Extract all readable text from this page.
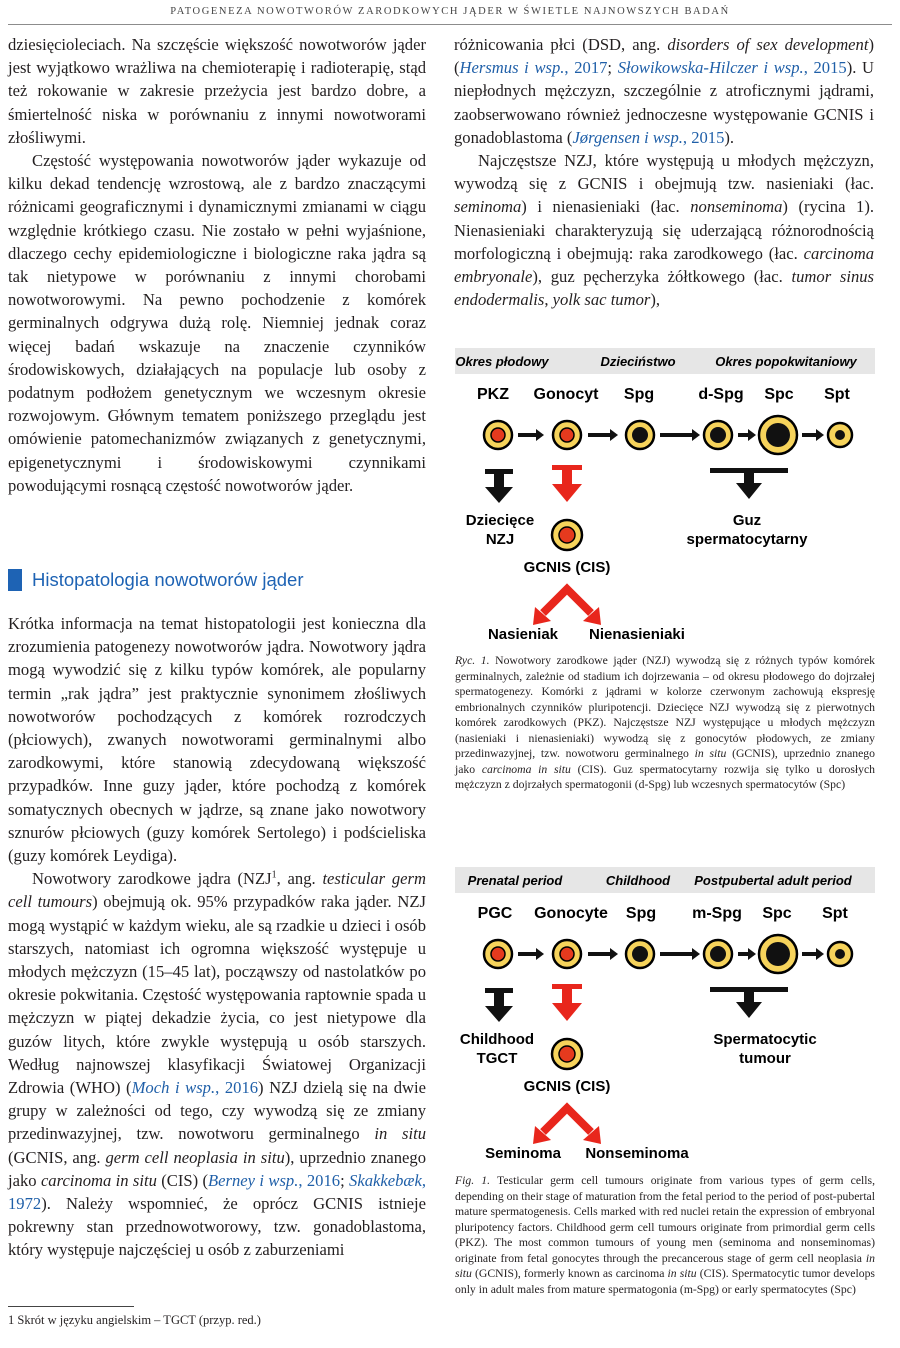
PATOGENEZA NOWOTWORÓW ZARODKOWYCH JĄDER W ŚWIETLE NAJNOWSZYCH BADAŃ

dziesięcioleciach. Na szczęście większość nowotworów jąder jest wyjątkowo wrażliwa na chemioterapię i radioterapię, stąd też rokowanie w zakresie przeżycia jest bardzo dobre, a śmiertelność niska w porównaniu z innymi nowotworami złośliwymi.

Częstość występowania nowotworów jąder wykazuje od kilku dekad tendencję wzrostową, ale z bardzo znaczącymi różnicami geograficznymi i dynamicznymi zmianami w ciągu względnie krótkiego czasu. Nie zostało w pełni wyjaśnione, dlaczego cechy epidemiologiczne i biologiczne raka jądra są tak nietypowe w porównaniu z innymi chorobami nowotworowymi. Na pewno pochodzenie z komórek germinalnych odgrywa dużą rolę. Niemniej jednak coraz więcej badań wskazuje na znaczenie czynników środowiskowych, działających na populacje lub osoby z podatnym podłożem genetycznym we wczesnym okresie rozwojowym. Głównym tematem poniższego przeglądu jest omówienie patomechanizmów związanych z genetycznymi, epigenetycznymi i środowiskowymi czynnikami powodującymi rosnącą częstość nowotworów jąder.

Histopatologia nowotworów jąder

Krótka informacja na temat histopatologii jest konieczna dla zrozumienia patogenezy nowotworów jądra. Nowotwory jądra mogą wywodzić się z kilku typów komórek, ale popularny termin „rak jądra” jest praktycznie synonimem złośliwych nowotworów pochodzących z komórek rozrodczych (płciowych), zwanych nowotworami germinalnymi albo zarodkowymi, które stanowią zdecydowaną większość przypadków. Inne guzy jąder, które pochodzą z komórek somatycznych obecnych w jądrze, są znane jako nowotwory sznurów płciowych (guzy komórek Sertolego) i podścieliska (guzy komórek Leydiga).

Nowotwory zarodkowe jądra (NZJ$^1$, ang. testicular germ cell tumours) obejmują ok. 95% przypadków raka jąder. NZJ mogą wystąpić w każdym wieku, ale są rzadkie u dzieci i osób starszych, natomiast ich ogromna większość występuje u młodych mężczyzn (15–45 lat), począwszy od nastolatków po okresie pokwitania. Częstość występowania raptownie spada u mężczyzn w piątej dekadzie życia, co jest nietypowe dla guzów litych, które zwykle występują u osób starszych. Według najnowszej klasyfikacji Światowej Organizacji Zdrowia (WHO) (Moch i wsp., 2016) NZJ dzielą się na dwie grupy w zależności od tego, czy wywodzą się ze zmiany przedinwazyjnej, tzw. nowotworu germinalnego in situ (GCNIS, ang. germ cell neoplasia in situ), uprzednio znanego jako carcinoma in situ (CIS) (Berney i wsp., 2016; Skakkebæk, 1972). Należy wspomnieć, że oprócz GCNIS istnieje pokrewny stan przednowotworowy, tzw. gonadoblastoma, który występuje najczęściej u osób z zaburzeniami

1 Skrót w języku angielskim – TGCT (przyp. red.)

różnicowania płci (DSD, ang. disorders of sex development) (Hersmus i wsp., 2017; Słowikowska-Hilczer i wsp., 2015). U niepłodnych mężczyzn, szczególnie z atroficznymi jądrami, zaobserwowano również jednoczesne występowanie GCNIS i gonadoblastoma (Jørgensen i wsp., 2015).

Najczęstsze NZJ, które występują u młodych mężczyzn, wywodzą się z GCNIS i obejmują tzw. nasieniaki (łac. seminoma) i nienasieniaki (łac. nonseminoma) (rycina 1). Nienasieniaki charakteryzują się uderzającą różnorodnością morfologiczną i obejmują: raka zarodkowego (łac. carcinoma embryonale), guz pęcherzyka żółtkowego (łac. tumor sinus endodermalis, yolk sac tumor),

Okres płodowy	Dzieciństwo	Okres popokwitaniowy
PKZ Gonocyt Spg	d-Spg Spc Spt
Dziecięce
NZJ
Guz
spermatocytarny
GCNIS (CIS)
Nasieniak Nienasieniaki
Ryc. 1. Nowotwory zarodkowe jąder (NZJ) wywodzą się z różnych typów komórek germinalnych, zależnie od stadium ich dojrzewania – od okresu płodowego do dojrzałej spermatogenezy. Komórki z jądrami w kolorze czerwonym zachowują ekspresję embrionalnych czynników pluripotencji. Dziecięce NZJ wywodzą się z pierwotnych komórek zarodkowych (PKZ). Najczęstsze NZJ występujące u młodych mężczyzn (nasieniaki i nienasieniaki) wywodzą się z gonocytów płodowych, ze zmiany przedinwazyjnej, tzw. nowotworu germinalnego in situ (GCNIS), uprzednio znanego jako carcinoma in situ (CIS). Guz spermatocytarny rozwija się tylko u dorosłych mężczyzn z dojrzałych spermatogonii (d-Spg) lub wczesnych spermatocytów (Spc)
Prenatal period	Childhood Postpubertal adult period
PGC Gonocyte Spg m-Spg Spc Spt
Childhood
TGCT
Spermatocytic
tumour
GCNIS (CIS)
Seminoma Nonseminoma
Fig. 1. Testicular germ cell tumours originate from various types of germ cells, depending on their stage of maturation from the fetal period to the period of post-pubertal mature spermatogenesis. Cells marked with red nuclei retain the expression of embryonal pluripotency factors. Childhood germ cell tumours originate from primordial germ cells (PKZ). The most common tumours of young men (seminoma and nonseminomas) originate from fetal gonocytes through the precancerous stage of germ cell neoplasia in situ (GCNIS), formerly known as carcinoma in situ (CIS). Spermatocytic tumor develops only in adult males from mature spermatogonia (m-Spg) or early spermatocytes (Spc)
